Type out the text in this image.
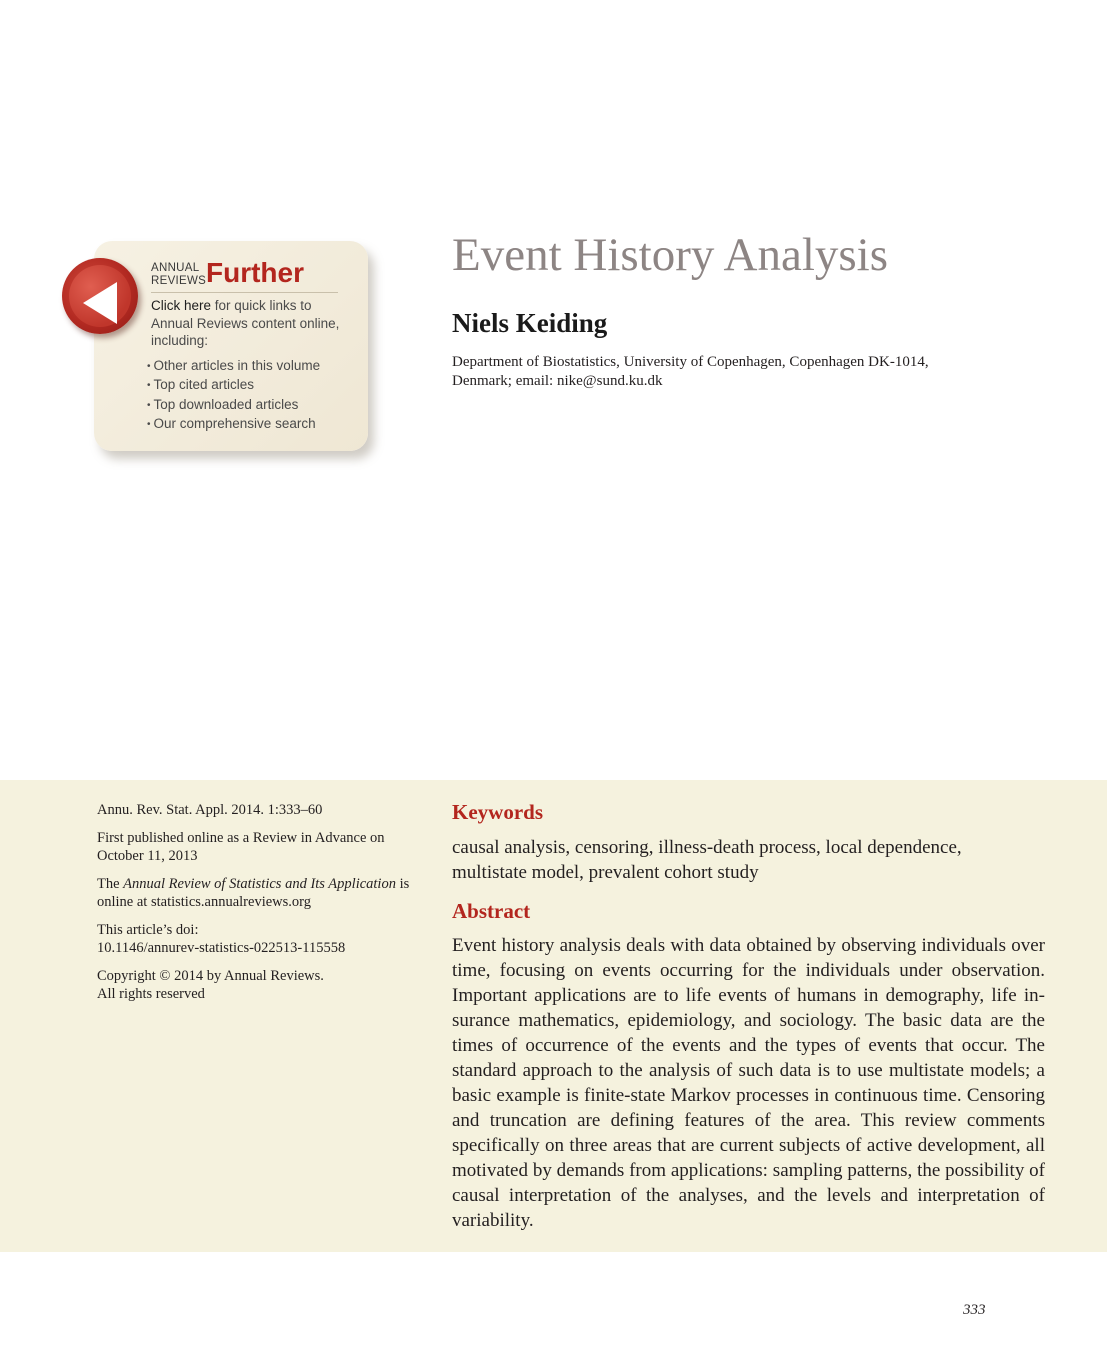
ANNUAL
REVIEWS Further
Click here for quick links to Annual Reviews content online, including:
• Other articles in this volume
• Top cited articles
• Top downloaded articles
• Our comprehensive search
Event History Analysis
Niels Keiding

Department of Biostatistics, University of Copenhagen, Copenhagen DK-1014, Denmark; email: nike@sund.ku.dk

Annu. Rev. Stat. Appl. 2014. 1:333–60

First published online as a Review in Advance on October 11, 2013

The Annual Review of Statistics and Its Application is online at statistics.annualreviews.org

This article’s doi:
10.1146/annurev-statistics-022513-115558

Copyright © 2014 by Annual Reviews.
All rights reserved

Keywords

causal analysis, censoring, illness-death process, local dependence, multistate model, prevalent cohort study

Abstract

Event history analysis deals with data obtained by observing individuals over time, focusing on events occurring for the individuals under observation. Important applications are to life events of humans in demography, life insurance mathematics, epidemiology, and sociology. The basic data are the times of occurrence of the events and the types of events that occur. The standard approach to the analysis of such data is to use multistate models; a basic example is finite-state Markov processes in continuous time. Censoring and truncation are defining features of the area. This review comments specifically on three areas that are current subjects of active development, all motivated by demands from applications: sampling patterns, the possibility of causal interpretation of the analyses, and the levels and interpretation of variability.

333
